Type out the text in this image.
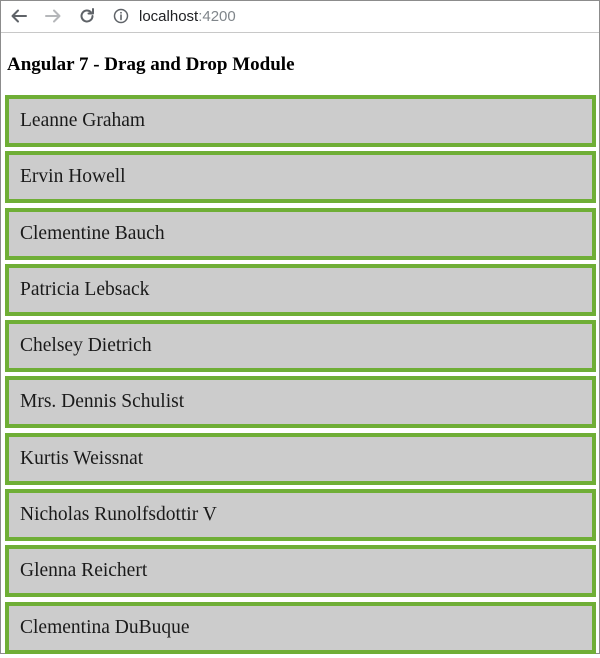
localhost :4200
Angular 7 - Drag and Drop Module
Leanne Graham
Ervin Howell
Clementine Bauch
Patricia Lebsack
Chelsey Dietrich
Mrs. Dennis Schulist
Kurtis Weissnat
Nicholas Runolfsdottir V
Glenna Reichert
Clementina DuBuque
